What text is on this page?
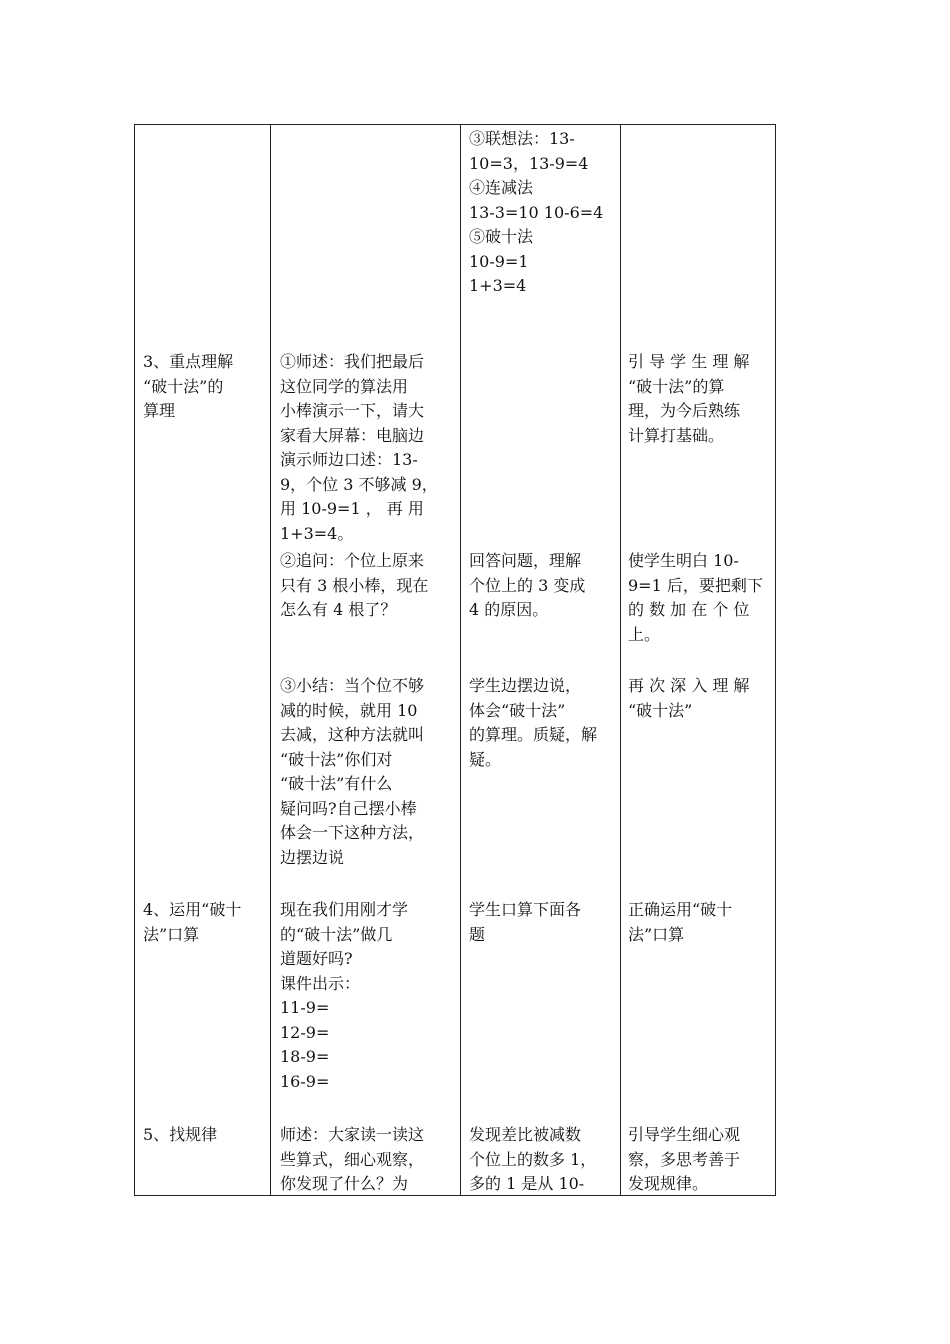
③联想法：13-
10=3，13-9=4
④连减法
13-3=10 10-6=4
⑤破十法
10-9=1
1+3=4
3、重点理解
“破十法”的
算理
①师述：我们把最后
这位同学的算法用
小棒演示一下，请大
家看大屏幕：电脑边
演示师边口述：13-
9，个位 3 不够减 9，
用 10-9=1 ， 再 用
1+3=4。
引 导 学 生 理 解
“破十法”的算
理，为今后熟练
计算打基础。
②追问：个位上原来
只有 3 根小棒，现在
怎么有 4 根了？
回答问题，理解
个位上的 3 变成
4 的原因。
使学生明白 10-
9=1 后，要把剩下
的 数 加 在 个 位
上。
③小结：当个位不够
减的时候，就用 10
去减，这种方法就叫
“破十法”你们对
“破十法”有什么
疑问吗?自己摆小棒
体会一下这种方法，
边摆边说
学生边摆边说，
体会“破十法”
的算理。质疑，解
疑。
再 次 深 入 理 解
“破十法”
4、运用“破十
法”口算
现在我们用刚才学
的“破十法”做几
道题好吗?
课件出示：
11-9=
12-9=
18-9=
16-9=
学生口算下面各
题
正确运用“破十
法”口算
5、找规律	师述：大家读一读这
些算式，细心观察，
你发现了什么？为
发现差比被减数
个位上的数多 1，
多的 1 是从 10-
引导学生细心观
察，多思考善于
发现规律。
